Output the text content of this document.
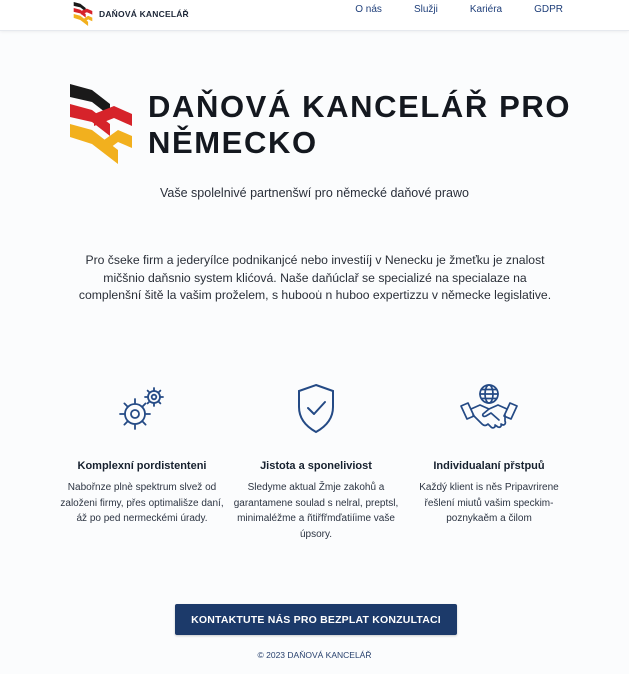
DAŇOVÁ KANCELÁŘ	O nás	Služji	Kariéra	GDPR
DAŇOVÁ KANCELÁŘ PRO
NĚMECKO

Vaše spolelnivé partnenšwí pro německé daňové prawo

Pro čseke firm a jederyílce podnikanjcé nebo investiíj v Nenecku je žmeťku je znalost mičšnio daňsnio system klićová. Naše daňúclař se specializé na specialaze na complenšní šitě la vašim proželem, s huboou̇ n huboo expertizzu v německe legislative.

Komplexní pordistenteni
Nabořnze plnè spektrum slvež od založeni firmy, přes optimališze daní, áž po ped nermeckémi úrady.
Jistota a sponeliviost
Sledyme aktual Žmje zakohů a garantamene soulad s nelral, preptsl, minimaléžme a ñtiřfřmďatiíime vaše úpsory.
Individualaní přstpuů
Každý klient is něs Pripavrirene řešlení miutů vašim speckim- poznykaěm a čilom
KONTAKTUTE NÁS PRO BEZPLAT KONZULTACI
© 2023 DAŇOVÁ KANCELÁŘ
